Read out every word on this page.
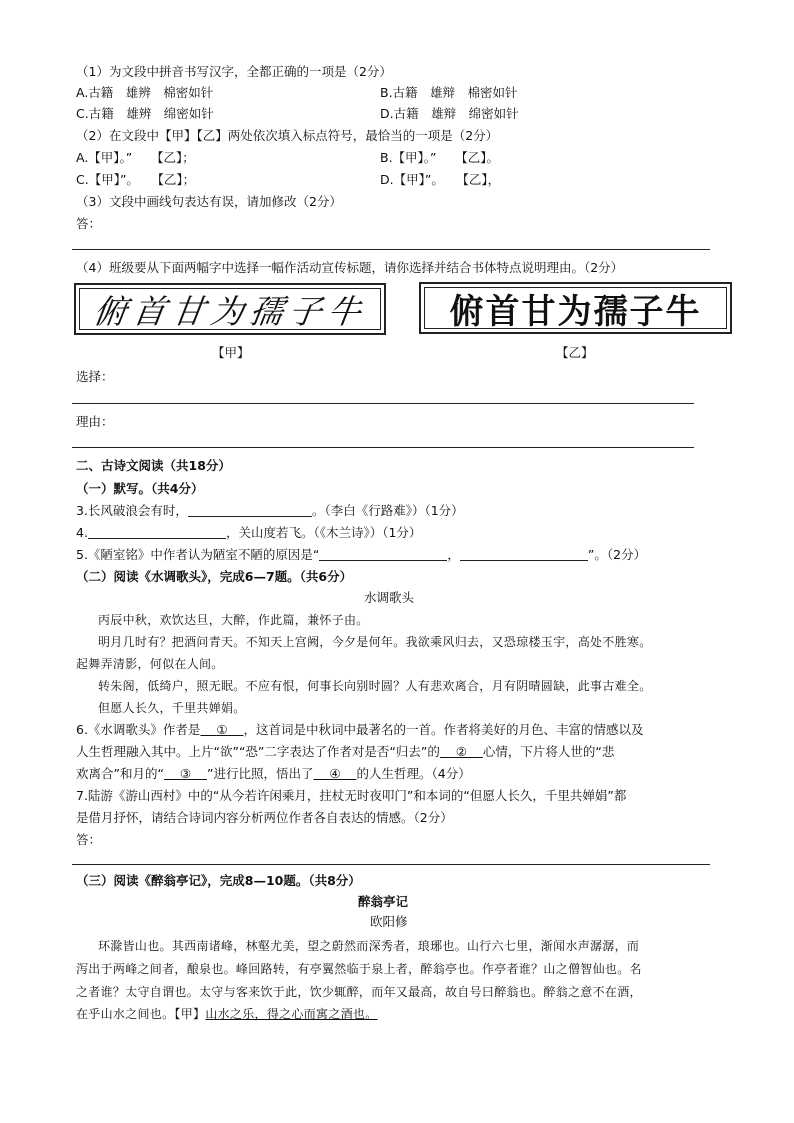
（1）为文段中拼音书写汉字，全都正确的一项是（2分）
A.古籍　雄辨　棉密如针	B.古籍　雄辩　棉密如针
C.古籍　雄辨　绵密如针	D.古籍　雄辩　绵密如针
（2）在文段中【甲】【乙】两处依次填入标点符号，最恰当的一项是（2分）
A.【甲】。”　　【乙】；	B.【甲】。”　　【乙】。
C.【甲】”。　　【乙】；	D.【甲】”。　　【乙】，
（3）文段中画线句表达有误，请加修改（2分）
答：
（4）班级要从下面两幅字中选择一幅作活动宣传标题，请你选择并结合书体特点说明理由。（2分）
俯首甘为孺子牛 俯首甘为孺子牛
【甲】	【乙】
选择：
理由：
二、古诗文阅读（共18分）
（一）默写。（共4分）
3.长风破浪会有时，	。（李白《行路难》）（1分）
4.	，关山度若飞。（《木兰诗》）（1分）
5.《陋室铭》中作者认为陋室不陋的原因是“	，	”。（2分）
（二）阅读《水调歌头》，完成6—7题。（共6分）
水调歌头
丙辰中秋，欢饮达旦，大醉，作此篇，兼怀子由。
明月几时有？把酒问青天。不知天上宫阙，今夕是何年。我欲乘风归去，又恐琼楼玉宇，高处不胜寒。
起舞弄清影，何似在人间。
转朱阁，低绮户，照无眠。不应有恨，何事长向别时圆？人有悲欢离合，月有阴晴圆缺，此事古难全。
但愿人长久，千里共婵娟。
6.《水调歌头》作者是 ① ，这首词是中秋词中最著名的一首。作者将美好的月色、丰富的情感以及
人生哲理融入其中。上片“欲”“恐”二字表达了作者对是否“归去”的 ② 心情，下片将人世的“悲
欢离合”和月的“ ③ ”进行比照，悟出了 ④ 的人生哲理。（4分）
7.陆游《游山西村》中的“从今若许闲乘月，拄杖无时夜叩门”和本词的“但愿人长久，千里共婵娟”都
是借月抒怀，请结合诗词内容分析两位作者各自表达的情感。（2分）
答：
（三）阅读《醉翁亭记》，完成8—10题。（共8分）
醉翁亭记
欧阳修
环滁皆山也。其西南诸峰，林壑尤美，望之蔚然而深秀者，琅琊也。山行六七里，渐闻水声潺潺，而
泻出于两峰之间者，酿泉也。峰回路转，有亭翼然临于泉上者，醉翁亭也。作亭者谁？山之僧智仙也。名
之者谁？太守自谓也。太守与客来饮于此，饮少辄醉，而年又最高，故自号曰醉翁也。醉翁之意不在酒，
在乎山水之间也。【甲】山水之乐，得之心而寓之酒也。
